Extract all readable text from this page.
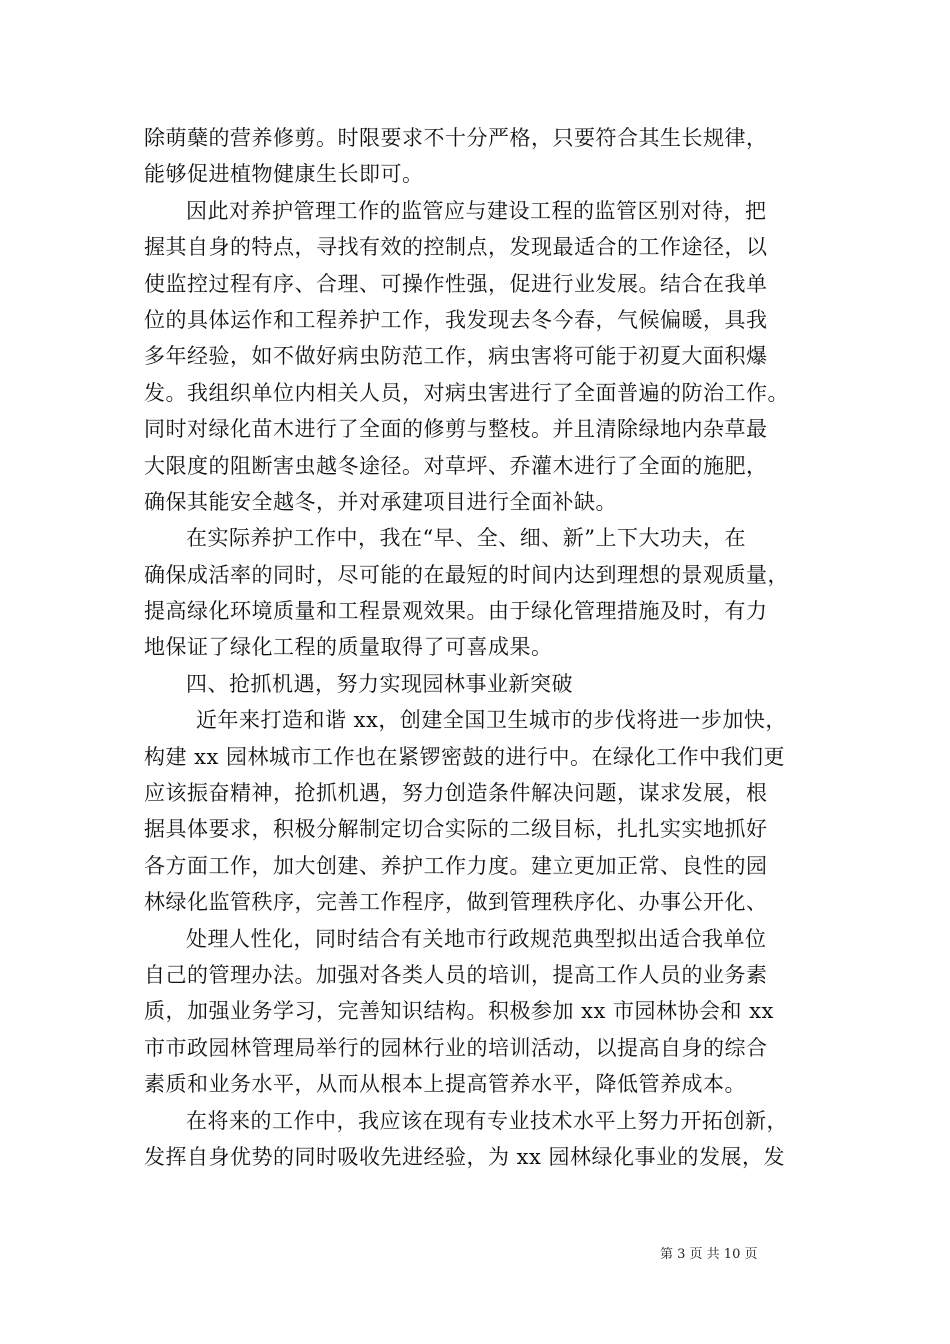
除萌蘖的营养修剪。时限要求不十分严格，只要符合其生长规律，
能够促进植物健康生长即可。
因此对养护管理工作的监管应与建设工程的监管区别对待，把
握其自身的特点，寻找有效的控制点，发现最适合的工作途径，以
使监控过程有序、合理、可操作性强，促进行业发展。结合在我单
位的具体运作和工程养护工作，我发现去冬今春，气候偏暖，具我
多年经验，如不做好病虫防范工作，病虫害将可能于初夏大面积爆
发。我组织单位内相关人员，对病虫害进行了全面普遍的防治工作。
同时对绿化苗木进行了全面的修剪与整枝。并且清除绿地内杂草最
大限度的阻断害虫越冬途径。对草坪、乔灌木进行了全面的施肥，
确保其能安全越冬，并对承建项目进行全面补缺。
在实际养护工作中，我在“早、全、细、新”上下大功夫，在
确保成活率的同时，尽可能的在最短的时间内达到理想的景观质量，
提高绿化环境质量和工程景观效果。由于绿化管理措施及时，有力
地保证了绿化工程的质量取得了可喜成果。
四、抢抓机遇，努力实现园林事业新突破
近年来打造和谐 xx，创建全国卫生城市的步伐将进一步加快，
构建 xx 园林城市工作也在紧锣密鼓的进行中。在绿化工作中我们更
应该振奋精神，抢抓机遇，努力创造条件解决问题，谋求发展，根
据具体要求，积极分解制定切合实际的二级目标，扎扎实实地抓好
各方面工作，加大创建、养护工作力度。建立更加正常、良性的园
林绿化监管秩序，完善工作程序，做到管理秩序化、办事公开化、
处理人性化，同时结合有关地市行政规范典型拟出适合我单位
自己的管理办法。加强对各类人员的培训，提高工作人员的业务素
质，加强业务学习，完善知识结构。积极参加 xx 市园林协会和 xx
市市政园林管理局举行的园林行业的培训活动，以提高自身的综合
素质和业务水平，从而从根本上提高管养水平，降低管养成本。
在将来的工作中，我应该在现有专业技术水平上努力开拓创新，
发挥自身优势的同时吸收先进经验，为 xx 园林绿化事业的发展，发
第 3 页 共 10 页
